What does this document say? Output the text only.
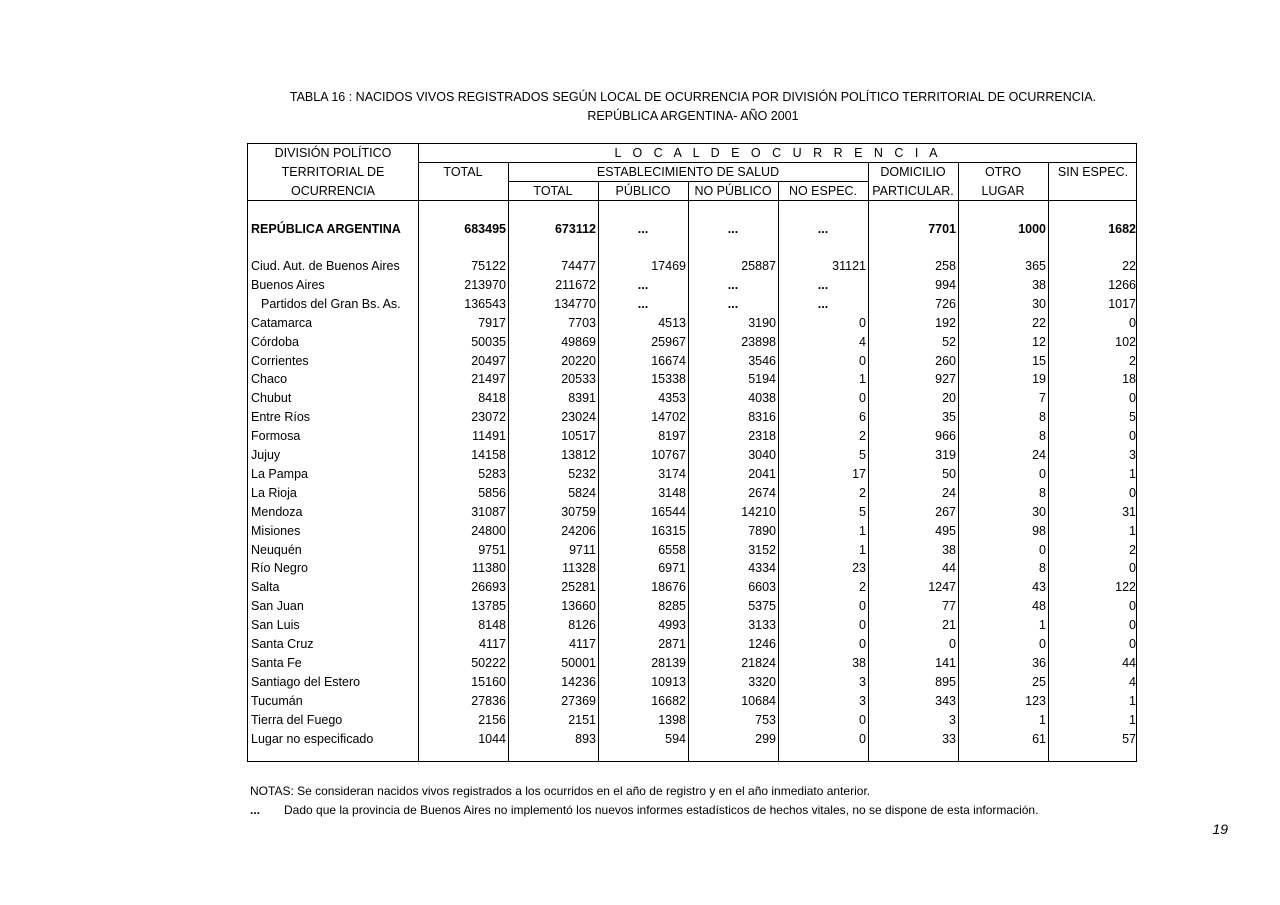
TABLA 16 : NACIDOS VIVOS REGISTRADOS SEGÚN LOCAL DE OCURRENCIA POR DIVISIÓN POLÍTICO TERRITORIAL DE OCURRENCIA.
REPÚBLICA ARGENTINA- AÑO 2001
DIVISIÓN POLÍTICO
TERRITORIAL DE
OCURRENCIA
L O C A L D E O C U R R E N C I A
TOTAL	ESTABLECIMIENTO DE SALUD	DOMICILIO	OTRO	SIN ESPEC.
TOTAL	PÚBLICO	NO PÚBLICO	NO ESPEC.	PARTICULAR.	LUGAR
REPÚBLICA ARGENTINA	683495	673112	...	...	...	7701	1000	1682
Ciud. Aut. de Buenos Aires	75122	74477	17469	25887	31121	258	365	22
Buenos Aires	213970	211672	...	...	...	994	38	1266
Partidos del Gran Bs. As.	136543	134770	...	...	...	726	30	1017
Catamarca	7917	7703	4513	3190	0	192	22	0
Córdoba	50035	49869	25967	23898	4	52	12	102
Corrientes	20497	20220	16674	3546	0	260	15	2
Chaco	21497	20533	15338	5194	1	927	19	18
Chubut	8418	8391	4353	4038	0	20	7	0
Entre Ríos	23072	23024	14702	8316	6	35	8	5
Formosa	11491	10517	8197	2318	2	966	8	0
Jujuy	14158	13812	10767	3040	5	319	24	3
La Pampa	5283	5232	3174	2041	17	50	0	1
La Rioja	5856	5824	3148	2674	2	24	8	0
Mendoza	31087	30759	16544	14210	5	267	30	31
Misiones	24800	24206	16315	7890	1	495	98	1
Neuquén	9751	9711	6558	3152	1	38	0	2
Río Negro	11380	11328	6971	4334	23	44	8	0
Salta	26693	25281	18676	6603	2	1247	43	122
San Juan	13785	13660	8285	5375	0	77	48	0
San Luis	8148	8126	4993	3133	0	21	1	0
Santa Cruz	4117	4117	2871	1246	0	0	0	0
Santa Fe	50222	50001	28139	21824	38	141	36	44
Santiago del Estero	15160	14236	10913	3320	3	895	25	4
Tucumán	27836	27369	16682	10684	3	343	123	1
Tierra del Fuego	2156	2151	1398	753	0	3	1	1
Lugar no especificado	1044	893	594	299	0	33	61	57
NOTAS: Se consideran nacidos vivos registrados a los ocurridos en el año de registro y en el año inmediato anterior.
... Dado que la provincia de Buenos Aires no implementó los nuevos informes estadísticos de hechos vitales, no se dispone de esta información.
19
